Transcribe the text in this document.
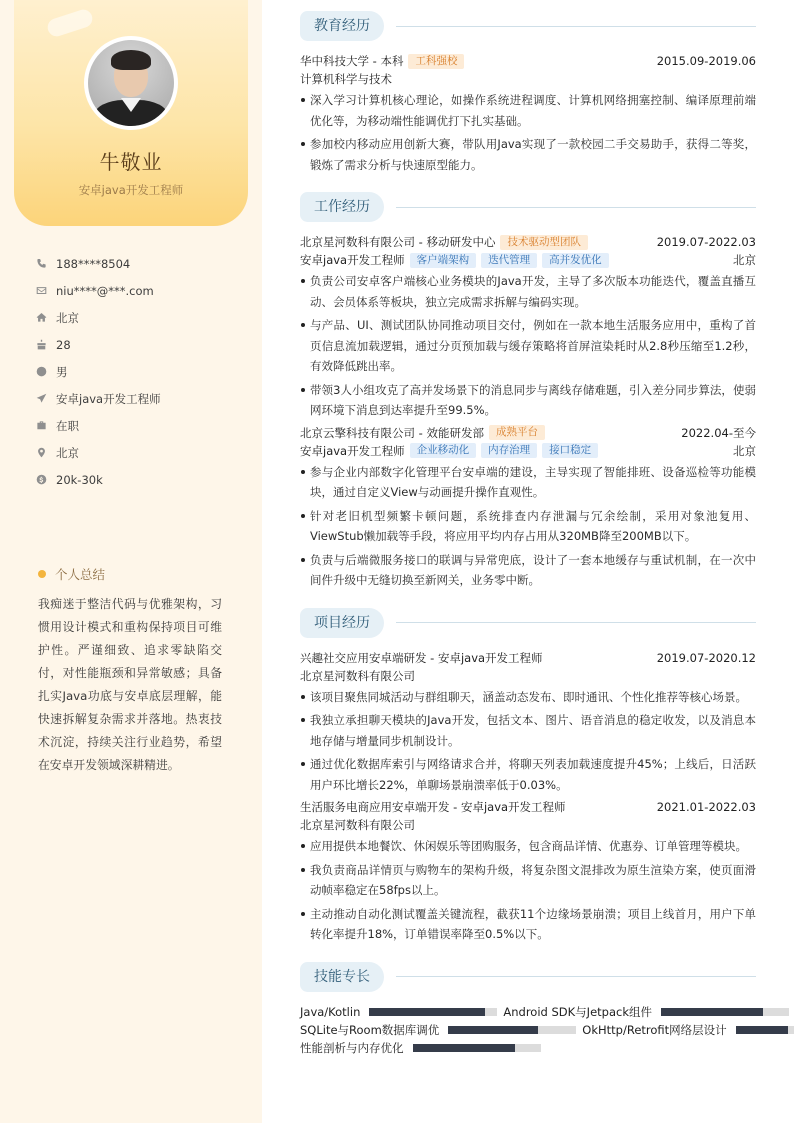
牛敬业
安卓java开发工程师
188****8504
niu****@***.com
北京
28
男
安卓java开发工程师
在职
北京
20k-30k
个人总结
我痴迷于整洁代码与优雅架构，习惯用设计模式和重构保持项目可维护性。严谨细致、追求零缺陷交付，对性能瓶颈和异常敏感；具备扎实Java功底与安卓底层理解，能快速拆解复杂需求并落地。热衷技术沉淀，持续关注行业趋势，希望在安卓开发领域深耕精进。
教育经历
华中科技大学 - 本科	工科强校	2015.09-2019.06
计算机科学与技术
深入学习计算机核心理论，如操作系统进程调度、计算机网络拥塞控制、编译原理前端优化等，为移动端性能调优打下扎实基础。
参加校内移动应用创新大赛，带队用Java实现了一款校园二手交易助手，获得二等奖，锻炼了需求分析与快速原型能力。
工作经历
北京星河数科有限公司 - 移动研发中心	技术驱动型团队	2019.07-2022.03
安卓java开发工程师	客户端架构	迭代管理	高并发优化	北京
负责公司安卓客户端核心业务模块的Java开发，主导了多次版本功能迭代，覆盖直播互动、会员体系等板块，独立完成需求拆解与编码实现。
与产品、UI、测试团队协同推动项目交付，例如在一款本地生活服务应用中，重构了首页信息流加载逻辑，通过分页预加载与缓存策略将首屏渲染耗时从2.8秒压缩至1.2秒，有效降低跳出率。
带领3人小组攻克了高并发场景下的消息同步与离线存储难题，引入差分同步算法，使弱网环境下消息到达率提升至99.5%。
北京云擎科技有限公司 - 效能研发部	成熟平台	2022.04-至今
安卓java开发工程师	企业移动化	内存治理	接口稳定	北京
参与企业内部数字化管理平台安卓端的建设，主导实现了智能排班、设备巡检等功能模块，通过自定义View与动画提升操作直观性。
针对老旧机型频繁卡顿问题，系统排查内存泄漏与冗余绘制，采用对象池复用、ViewStub懒加载等手段，将应用平均内存占用从320MB降至200MB以下。
负责与后端微服务接口的联调与异常兜底，设计了一套本地缓存与重试机制，在一次中间件升级中无缝切换至新网关，业务零中断。
项目经历
兴趣社交应用安卓端研发 - 安卓java开发工程师	2019.07-2020.12
北京星河数科有限公司
该项目聚焦同城活动与群组聊天，涵盖动态发布、即时通讯、个性化推荐等核心场景。
我独立承担聊天模块的Java开发，包括文本、图片、语音消息的稳定收发，以及消息本地存储与增量同步机制设计。
通过优化数据库索引与网络请求合并，将聊天列表加载速度提升45%；上线后，日活跃用户环比增长22%，单聊场景崩溃率低于0.03%。
生活服务电商应用安卓端开发 - 安卓java开发工程师	2021.01-2022.03
北京星河数科有限公司
应用提供本地餐饮、休闲娱乐等团购服务，包含商品详情、优惠券、订单管理等模块。
我负责商品详情页与购物车的架构升级，将复杂图文混排改为原生渲染方案，使页面滑动帧率稳定在58fps以上。
主动推动自动化测试覆盖关键流程，截获11个边缘场景崩溃；项目上线首月，用户下单转化率提升18%，订单错误率降至0.5%以下。
技能专长
Java/Kotlin	Android SDK与Jetpack组件
SQLite与Room数据库调优	OkHttp/Retrofit网络层设计
性能剖析与内存优化
